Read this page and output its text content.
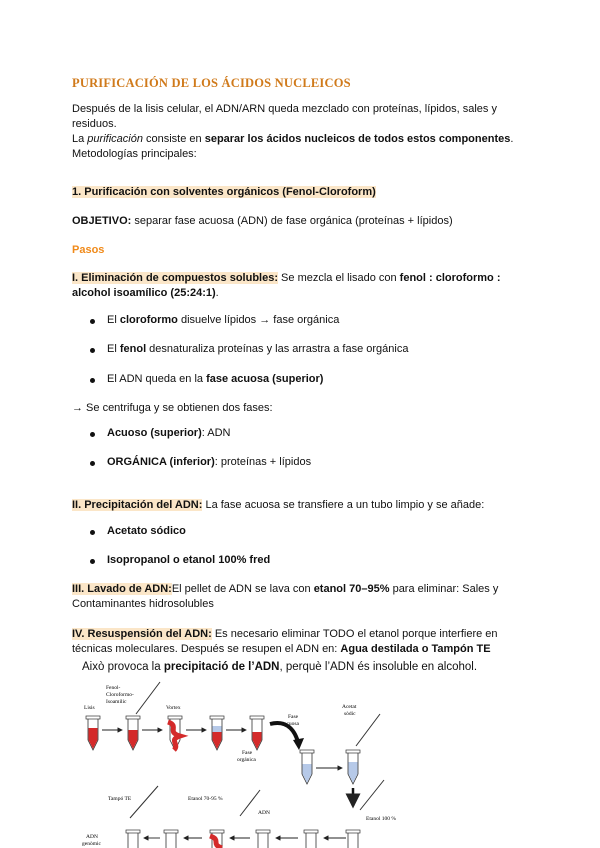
PURIFICACIÓN DE LOS ÁCIDOS NUCLEICOS
Después de la lisis celular, el ADN/ARN queda mezclado con proteínas, lípidos, sales y
residuos.
La purificación consiste en separar los ácidos nucleicos de todos estos componentes.
Metodologías principales:
1. Purificación con solventes orgánicos (Fenol-Cloroform)
OBJETIVO: separar fase acuosa (ADN) de fase orgánica (proteínas + lípidos)
Pasos
I. Eliminación de compuestos solubles: Se mezcla el lisado con fenol : cloroformo :
alcohol isoamílico (25:24:1).
El cloroformo disuelve lípidos → fase orgánica
El fenol desnaturaliza proteínas y las arrastra a fase orgánica
El ADN queda en la fase acuosa (superior)
→ Se centrifuga y se obtienen dos fases:
Acuoso (superior): ADN
ORGÁNICA (inferior): proteínas + lípidos
II. Precipitación del ADN: La fase acuosa se transfiere a un tubo limpio y se añade:
Acetato sódico
Isopropanol o etanol 100% fred
III. Lavado de ADN:El pellet de ADN se lava con etanol 70–95% para eliminar: Sales y
Contaminantes hidrosolubles
IV. Resuspensión del ADN: Es necesario eliminar TODO el etanol porque interfiere en
técnicas moleculares. Después se resupen el ADN en: Agua destilada o Tampón TE
Això provoca la precipitació de l’ADN, perquè l’ADN és insoluble en alcohol.
Lisis
Fenol-
Cloroformo-
Isoamilic
Vortex
Fase
acuosa
Fase
orgánica
Acetat
sòdic
Etanol 100 %
Tampó TE	Etanol 70-95 %
ADN
ADN
genòmic
